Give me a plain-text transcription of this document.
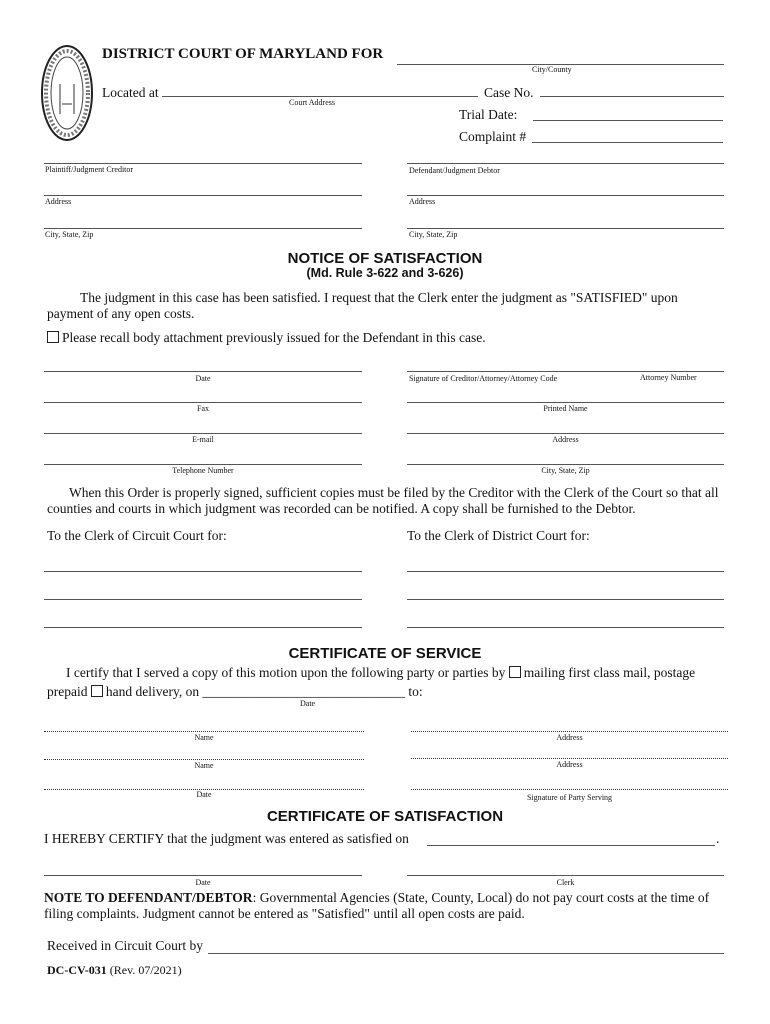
DISTRICT COURT OF MARYLAND FOR
City/County
Located at
Court Address
Case No.
Trial Date:
Complaint #
Plaintiff/Judgment Creditor	Defendant/Judgment Debtor
Address	Address
City, State, Zip	City, State, Zip
NOTICE OF SATISFACTION
(Md. Rule 3-622 and 3-626)
The judgment in this case has been satisfied. I request that the Clerk enter the judgment as "SATISFIED" upon payment of any open costs.
Please recall body attachment previously issued for the Defendant in this case.
Date	Signature of Creditor/Attorney/Attorney Code	Attorney Number
Fax	Printed Name
E-mail	Address
Telephone Number	City, State, Zip
When this Order is properly signed, sufficient copies must be filed by the Creditor with the Clerk of the Court so that all counties and courts in which judgment was recorded can be notified. A copy shall be furnished to the Debtor.
To the Clerk of Circuit Court for:	To the Clerk of District Court for:
CERTIFICATE OF SERVICE
I certify that I served a copy of this motion upon the following party or parties by mailing first class mail, postage
prepaid hand delivery, on ______________________________ to:
Date
Name	Address
Name	Address
Date	Signature of Party Serving
CERTIFICATE OF SATISFACTION
I HEREBY CERTIFY that the judgment was entered as satisfied on	.
Date	Clerk
NOTE TO DEFENDANT/DEBTOR: Governmental Agencies (State, County, Local) do not pay court costs at the time of filing complaints. Judgment cannot be entered as "Satisfied" until all open costs are paid.
Received in Circuit Court by
DC-CV-031 (Rev. 07/2021)
